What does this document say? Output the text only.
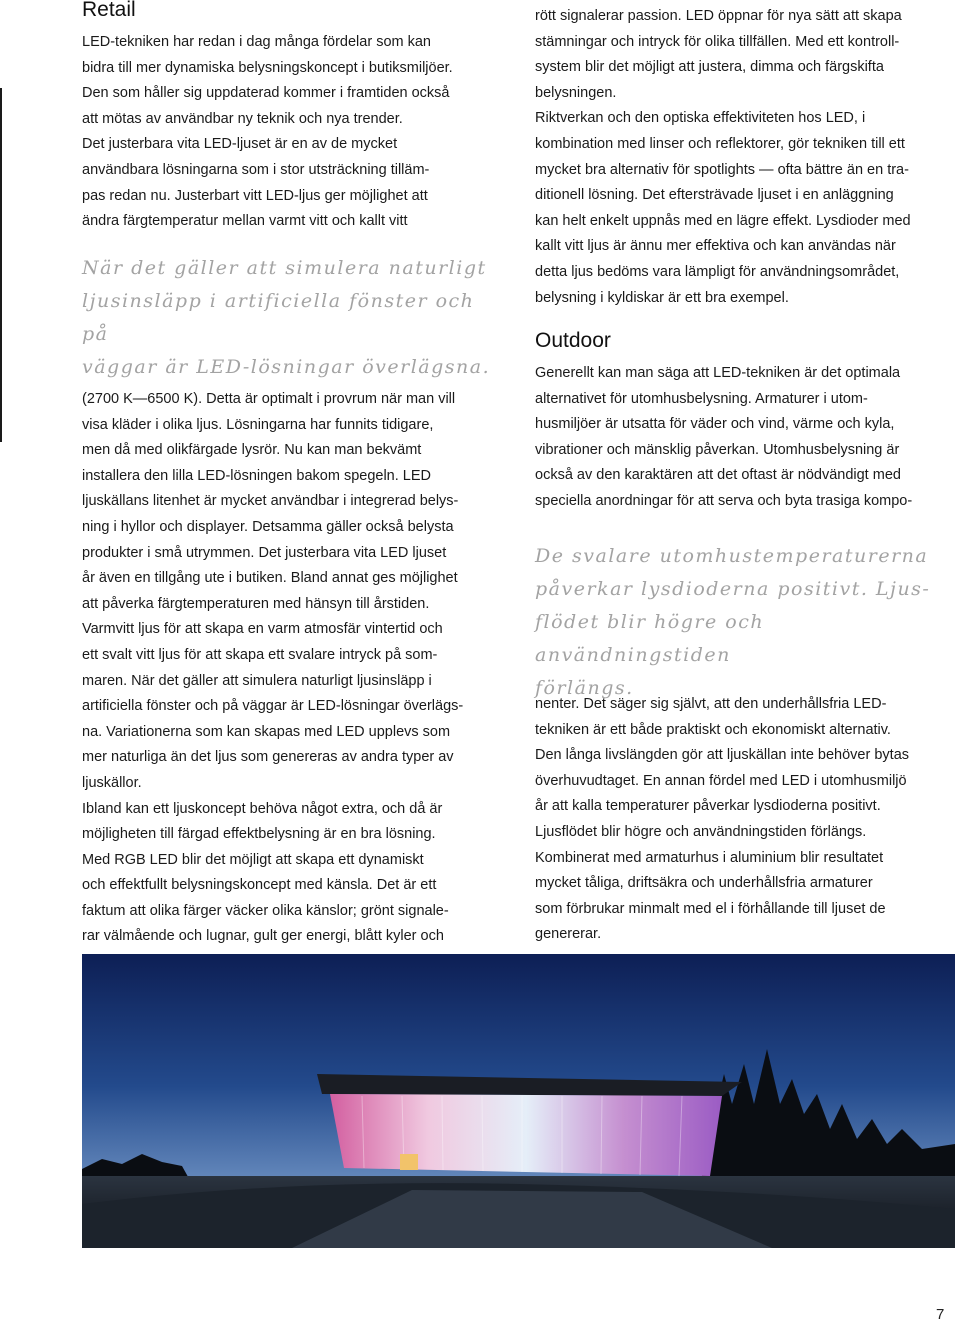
Retail

LED-tekniken har redan i dag många fördelar som kan
bidra till mer dynamiska belysningskoncept i butiksmiljöer.
Den som håller sig uppdaterad kommer i framtiden också
att mötas av användbar ny teknik och nya trender.
Det justerbara vita LED-ljuset är en av de mycket
användbara lösningarna som i stor utsträckning tilläm-
pas redan nu. Justerbart vitt LED-ljus ger möjlighet att
ändra färgtemperatur mellan varmt vitt och kallt vitt

När det gäller att simulera naturligt
ljusinsläpp i artificiella fönster och på
väggar är LED-lösningar överlägsna.

(2700 K—6500 K). Detta är optimalt i provrum när man vill
visa kläder i olika ljus. Lösningarna har funnits tidigare,
men då med olikfärgade lysrör. Nu kan man bekvämt
installera den lilla LED-lösningen bakom spegeln. LED
ljuskällans litenhet är mycket användbar i integrerad belys-
ning i hyllor och displayer. Detsamma gäller också belysta
produkter i små utrymmen. Det justerbara vita LED ljuset
år även en tillgång ute i butiken. Bland annat ges möjlighet
att påverka färgtemperaturen med hänsyn till årstiden.
Varmvitt ljus för att skapa en varm atmosfär vintertid och
ett svalt vitt ljus för att skapa ett svalare intryck på som-
maren. När det gäller att simulera naturligt ljusinsläpp i
artificiella fönster och på väggar är LED-lösningar överlägs-
na. Variationerna som kan skapas med LED upplevs som
mer naturliga än det ljus som genereras av andra typer av
ljuskällor.
Ibland kan ett ljuskoncept behöva något extra, och då är
möjligheten till färgad effektbelysning är en bra lösning.
Med RGB LED blir det möjligt att skapa ett dynamiskt
och effektfullt belysningskoncept med känsla. Det är ett
faktum att olika färger väcker olika känslor; grönt signale-
rar välmående och lugnar, gult ger energi, blått kyler och

rött signalerar passion. LED öppnar för nya sätt att skapa
stämningar och intryck för olika tillfällen. Med ett kontroll-
system blir det möjligt att justera, dimma och färgskifta
belysningen.
Riktverkan och den optiska effektiviteten hos LED, i
kombination med linser och reflektorer, gör tekniken till ett
mycket bra alternativ för spotlights — ofta bättre än en tra-
ditionell lösning. Det eftersträvade ljuset i en anläggning
kan helt enkelt uppnås med en lägre effekt. Lysdioder med
kallt vitt ljus är ännu mer effektiva och kan användas när
detta ljus bedöms vara lämpligt för användningsområdet,
belysning i kyldiskar är ett bra exempel.

Outdoor

Generellt kan man säga att LED-tekniken är det optimala
alternativet för utomhusbelysning. Armaturer i utom-
husmiljöer är utsatta för väder och vind, värme och kyla,
vibrationer och mänsklig påverkan. Utomhusbelysning är
också av den karaktären att det oftast är nödvändigt med
speciella anordningar för att serva och byta trasiga kompo-

De svalare utomhustemperaturerna
påverkar lysdioderna positivt. Ljus-
flödet blir högre och användningstiden
förlängs.

nenter. Det säger sig självt, att den underhållsfria LED-
tekniken är ett både praktiskt och ekonomiskt alternativ.
Den långa livslängden gör att ljuskällan inte behöver bytas
överhuvudtaget. En annan fördel med LED i utomhusmiljö
år att kalla temperaturer påverkar lysdioderna positivt.
Ljusflödet blir högre och användningstiden förlängs.
Kombinerat med armaturhus i aluminium blir resultatet
mycket tåliga, driftsäkra och underhållsfria armaturer
som förbrukar minmalt med el i förhållande till ljuset de
genererar.

7
